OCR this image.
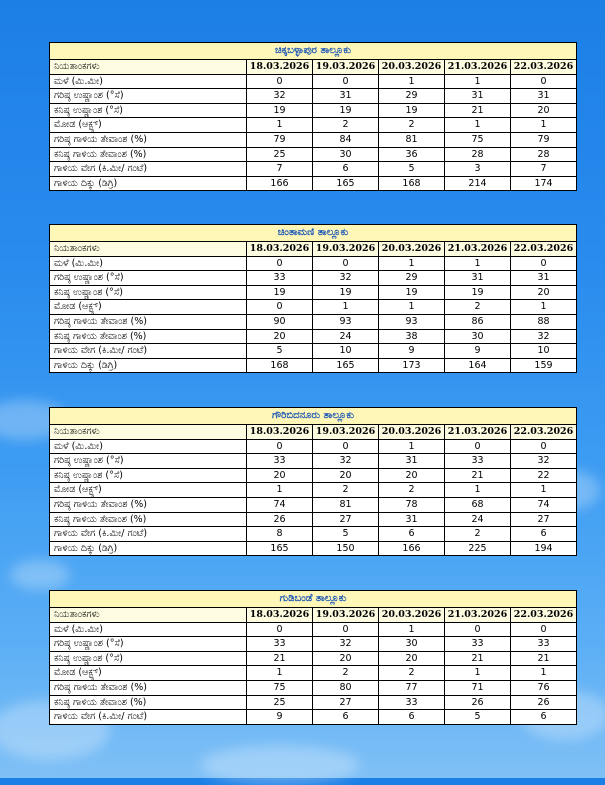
ಚಿಕ್ಕಬಳ್ಳಾಪುರ ತಾಲ್ಲೂಕು					
ನಿಯತಾಂಕಗಳು	18.03.2026	19.03.2026	20.03.2026	21.03.2026	22.03.2026
ಮಳೆ (ಮಿ.ಮೀ)	0	0	1	1	0
ಗರಿಷ್ಠ ಉಷ್ಣಾಂಶ (°ಸೆ)	32	31	29	31	31
ಕನಿಷ್ಠ ಉಷ್ಣಾಂಶ (°ಸೆ)	19	19	19	21	20
ಮೋಡ (ಆಕ್ಟ್ಸ್)	1	2	2	1	1
ಗರಿಷ್ಠ ಗಾಳಿಯ ತೇವಾಂಶ (%)	79	84	81	75	79
ಕನಿಷ್ಠ ಗಾಳಿಯ ತೇವಾಂಶ (%)	25	30	36	28	28
ಗಾಳಿಯ ವೇಗ (ಕಿ.ಮೀ/ ಗಂಟೆ)	7	6	5	3	7
ಗಾಳಿಯ ದಿಕ್ಕು (ಡಿಗ್ರಿ)	166	165	168	214	174
ಚಿಂತಾಮಣಿ ತಾಲ್ಲೂಕು					
ನಿಯತಾಂಕಗಳು	18.03.2026	19.03.2026	20.03.2026	21.03.2026	22.03.2026
ಮಳೆ (ಮಿ.ಮೀ)	0	0	1	1	0
ಗರಿಷ್ಠ ಉಷ್ಣಾಂಶ (°ಸೆ)	33	32	29	31	31
ಕನಿಷ್ಠ ಉಷ್ಣಾಂಶ (°ಸೆ)	19	19	19	19	20
ಮೋಡ (ಆಕ್ಟ್ಸ್)	0	1	1	2	1
ಗರಿಷ್ಠ ಗಾಳಿಯ ತೇವಾಂಶ (%)	90	93	93	86	88
ಕನಿಷ್ಠ ಗಾಳಿಯ ತೇವಾಂಶ (%)	20	24	38	30	32
ಗಾಳಿಯ ವೇಗ (ಕಿ.ಮೀ/ ಗಂಟೆ)	5	10	9	9	10
ಗಾಳಿಯ ದಿಕ್ಕು (ಡಿಗ್ರಿ)	168	165	173	164	159
ಗೌರಿಬಿದನೂರು ತಾಲ್ಲೂಕು					
ನಿಯತಾಂಕಗಳು	18.03.2026	19.03.2026	20.03.2026	21.03.2026	22.03.2026
ಮಳೆ (ಮಿ.ಮೀ)	0	0	1	0	0
ಗರಿಷ್ಠ ಉಷ್ಣಾಂಶ (°ಸೆ)	33	32	31	33	32
ಕನಿಷ್ಠ ಉಷ್ಣಾಂಶ (°ಸೆ)	20	20	20	21	22
ಮೋಡ (ಆಕ್ಟ್ಸ್)	1	2	2	1	1
ಗರಿಷ್ಠ ಗಾಳಿಯ ತೇವಾಂಶ (%)	74	81	78	68	74
ಕನಿಷ್ಠ ಗಾಳಿಯ ತೇವಾಂಶ (%)	26	27	31	24	27
ಗಾಳಿಯ ವೇಗ (ಕಿ.ಮೀ/ ಗಂಟೆ)	8	5	6	2	6
ಗಾಳಿಯ ದಿಕ್ಕು (ಡಿಗ್ರಿ)	165	150	166	225	194
ಗುಡಿಬಂಡೆ ತಾಲ್ಲೂಕು					
ನಿಯತಾಂಕಗಳು	18.03.2026	19.03.2026	20.03.2026	21.03.2026	22.03.2026
ಮಳೆ (ಮಿ.ಮೀ)	0	0	1	0	0
ಗರಿಷ್ಠ ಉಷ್ಣಾಂಶ (°ಸೆ)	33	32	30	33	33
ಕನಿಷ್ಠ ಉಷ್ಣಾಂಶ (°ಸೆ)	21	20	20	21	21
ಮೋಡ (ಆಕ್ಟ್ಸ್)	1	2	2	1	1
ಗರಿಷ್ಠ ಗಾಳಿಯ ತೇವಾಂಶ (%)	75	80	77	71	76
ಕನಿಷ್ಠ ಗಾಳಿಯ ತೇವಾಂಶ (%)	25	27	33	26	26
ಗಾಳಿಯ ವೇಗ (ಕಿ.ಮೀ/ ಗಂಟೆ)	9	6	6	5	6
